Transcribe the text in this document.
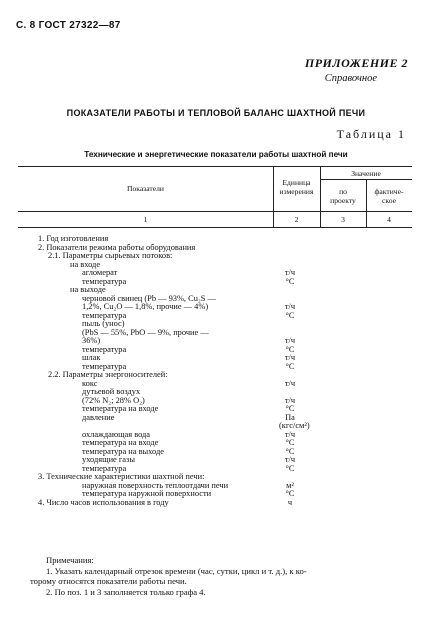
С. 8 ГОСТ 27322—87
ПРИЛОЖЕНИЕ 2
Справочное
ПОКАЗАТЕЛИ РАБОТЫ И ТЕПЛОВОЙ БАЛАНС ШАХТНОЙ ПЕЧИ
Таблица 1
Технические и энергетические показатели работы шахтной печи
Показатели
Единица
измерения
Значение
по
проекту
фактиче-
ское
1	2	3	4
1. Год изготовления
2. Показатели режима работы оборудования
2.1. Параметры сырьевых потоков:
на входе
агломерат	т/ч
температура	°С
на выходе
черновой свинец (Pb — 93%, Cu₂S —
1,2%, Cu₂O — 1,8%, прочие — 4%)	т/ч
температура	°С
пыль (унос)
(PbS — 55%, PbO — 9%, прочие —
36%)	т/ч
температура	°С
шлак	т/ч
температура	°С
2.2. Параметры энергоносителей:
кокс	т/ч
дутьевой воздух
(72% N₂; 28% O₂)	т/ч
температура на входе	°С
давление	Па
(кгс/см²)
охлаждающая вода	т/ч
температура на входе	°С
температура на выходе	°С
уходящие газы	т/ч
температура	°С
3. Технические характеристики шахтной печи:
наружная поверхность теплоотдачи печи	м²
температура наружной поверхности	°С
4. Число часов использования в году	ч
Примечания:
1. Указать календарный отрезок времени (час, сутки, цикл и т. д.), к ко-
торому относятся показатели работы печи.
2. По поз. 1 и 3 заполняется только графа 4.
